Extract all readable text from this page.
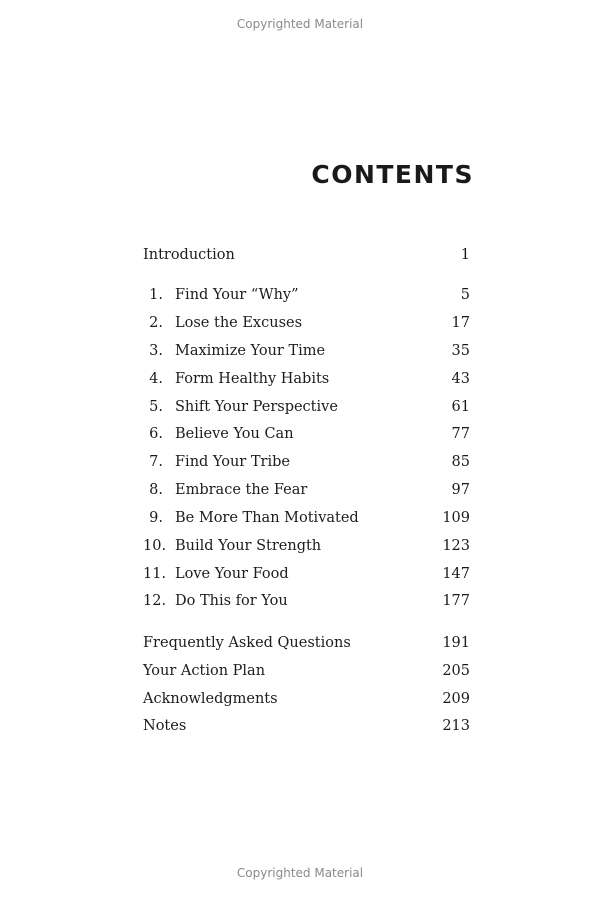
Copyrighted Material
CONTENTS
Introduction	1
1. Find Your “Why”	5
2. Lose the Excuses	17
3. Maximize Your Time	35
4. Form Healthy Habits	43
5. Shift Your Perspective	61
6. Believe You Can	77
7. Find Your Tribe	85
8. Embrace the Fear	97
9. Be More Than Motivated	109
10. Build Your Strength	123
11. Love Your Food	147
12. Do This for You	177
Frequently Asked Questions	191
Your Action Plan	205
Acknowledgments	209
Notes	213
Copyrighted Material
